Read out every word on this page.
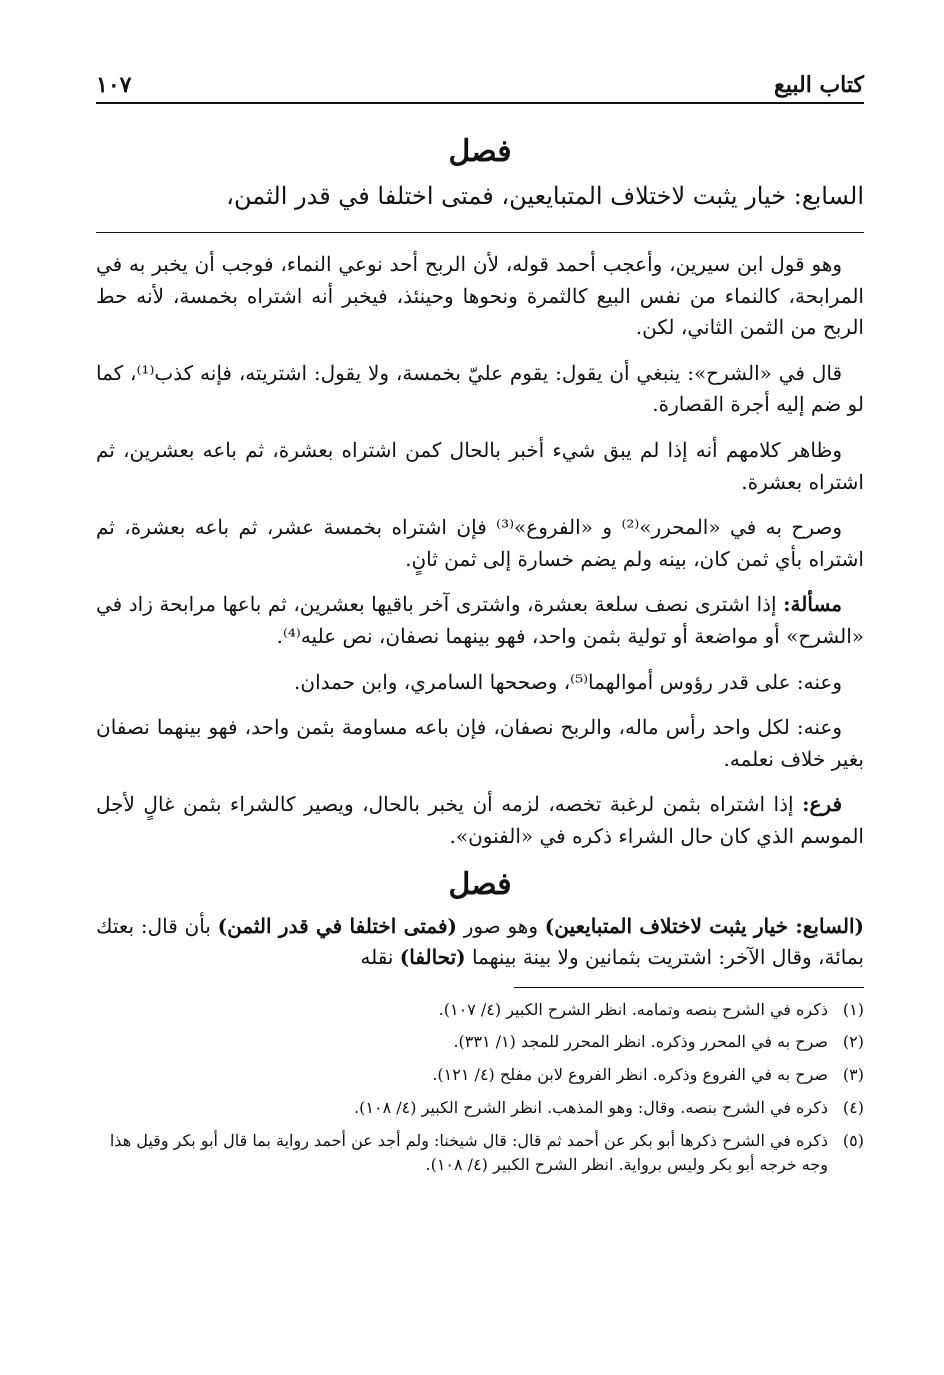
كتاب البيع
١٠٧
فصل

السابع: خيار يثبت لاختلاف المتبايعين، فمتى اختلفا في قدر الثمن،

وهو قول ابن سيرين، وأعجب أحمد قوله، لأن الربح أحد نوعي النماء، فوجب أن يخبر به في المرابحة، كالنماء من نفس البيع كالثمرة ونحوها وحينئذ، فيخبر أنه اشتراه بخمسة، لأنه حط الربح من الثمن الثاني، لكن.

قال في «الشرح»: ينبغي أن يقول: يقوم عليّ بخمسة، ولا يقول: اشتريته، فإنه كذب⁽¹⁾، كما لو ضم إليه أجرة القصارة.

وظاهر كلامهم أنه إذا لم يبق شيء أخبر بالحال كمن اشتراه بعشرة، ثم باعه بعشرين، ثم اشتراه بعشرة.

وصرح به في «المحرر»⁽²⁾ و «الفروع»⁽³⁾ فإن اشتراه بخمسة عشر، ثم باعه بعشرة، ثم اشتراه بأي ثمن كان، بينه ولم يضم خسارة إلى ثمن ثانٍ.

مسألة: إذا اشترى نصف سلعة بعشرة، واشترى آخر باقيها بعشرين، ثم باعها مرابحة زاد في «الشرح» أو مواضعة أو تولية بثمن واحد، فهو بينهما نصفان، نص عليه⁽⁴⁾.

وعنه: على قدر رؤوس أموالهما⁽⁵⁾، وصححها السامري، وابن حمدان.

وعنه: لكل واحد رأس ماله، والربح نصفان، فإن باعه مساومة بثمن واحد، فهو بينهما نصفان بغير خلاف نعلمه.

فرع: إذا اشتراه بثمن لرغبة تخصه، لزمه أن يخبر بالحال، ويصير كالشراء بثمن غالٍ لأجل الموسم الذي كان حال الشراء ذكره في «الفنون».

فصل

(السابع: خيار يثبت لاختلاف المتبايعين) وهو صور (فمتى اختلفا في قدر الثمن) بأن قال: بعتك بمائة، وقال الآخر: اشتريت بثمانين ولا بينة بينهما (تحالفا) نقله

(١)
ذكره في الشرح بنصه وتمامه. انظر الشرح الكبير (٤/ ١٠٧).
(٢)
صرح به في المحرر وذكره. انظر المحرر للمجد (١/ ٣٣١).
(٣)
صرح به في الفروع وذكره. انظر الفروع لابن مفلح (٤/ ١٢١).
(٤)
ذكره في الشرح بنصه. وقال: وهو المذهب. انظر الشرح الكبير (٤/ ١٠٨).
(٥)
ذكره في الشرح ذكرها أبو بكر عن أحمد ثم قال: قال شيخنا: ولم أجد عن أحمد رواية بما قال أبو بكر وقيل هذا وجه خرجه أبو بكر وليس برواية. انظر الشرح الكبير (٤/ ١٠٨).
